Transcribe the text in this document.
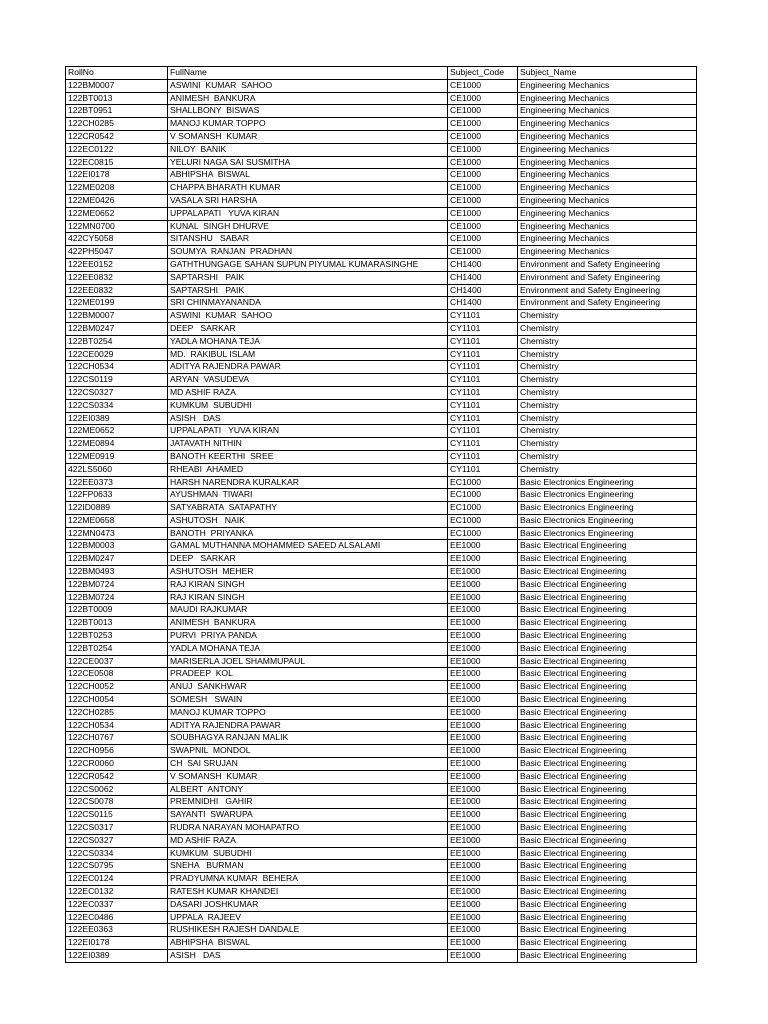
RollNo	FullName	Subject_Code	Subject_Name
122BM0007	ASWINI  KUMAR  SAHOO	CE1000	Engineering Mechanics
122BT0013	ANIMESH  BANKURA	CE1000	Engineering Mechanics
122BT0951	SHALLBONY  BISWAS	CE1000	Engineering Mechanics
122CH0285	MANOJ KUMAR TOPPO	CE1000	Engineering Mechanics
122CR0542	V SOMANSH  KUMAR	CE1000	Engineering Mechanics
122EC0122	NILOY  BANIK	CE1000	Engineering Mechanics
122EC0815	YELURI NAGA SAI SUSMITHA	CE1000	Engineering Mechanics
122EI0178	ABHIPSHA  BISWAL	CE1000	Engineering Mechanics
122ME0208	CHAPPA BHARATH KUMAR	CE1000	Engineering Mechanics
122ME0426	VASALA SRI HARSHA	CE1000	Engineering Mechanics
122ME0652	UPPALAPATI   YUVA KIRAN	CE1000	Engineering Mechanics
122MN0700	KUNAL  SINGH DHURVE	CE1000	Engineering Mechanics
422CY5058	SITANSHU   SABAR	CE1000	Engineering Mechanics
422PH5047	SOUMYA  RANJAN  PRADHAN	CE1000	Engineering Mechanics
122EE0152	GATHTHUNGAGE SAHAN SUPUN PIYUMAL KUMARASINGHE	CH1400	Environment and Safety Engineering
122EE0832	SAPTARSHI   PAIK	CH1400	Environment and Safety Engineering
122EE0832	SAPTARSHI   PAIK	CH1400	Environment and Safety Engineering
122ME0199	SRI CHINMAYANANDA	CH1400	Environment and Safety Engineering
122BM0007	ASWINI  KUMAR  SAHOO	CY1101	Chemistry
122BM0247	DEEP   SARKAR	CY1101	Chemistry
122BT0254	YADLA MOHANA TEJA	CY1101	Chemistry
122CE0029	MD.  RAKIBUL ISLAM	CY1101	Chemistry
122CH0534	ADITYA RAJENDRA PAWAR	CY1101	Chemistry
122CS0119	ARYAN  VASUDEVA	CY1101	Chemistry
122CS0327	MD ASHIF RAZA	CY1101	Chemistry
122CS0334	KUMKUM  SUBUDHI	CY1101	Chemistry
122EI0389	ASISH   DAS	CY1101	Chemistry
122ME0652	UPPALAPATI   YUVA KIRAN	CY1101	Chemistry
122ME0894	JATAVATH NITHIN	CY1101	Chemistry
122ME0919	BANOTH KEERTHI  SREE	CY1101	Chemistry
422LS5060	RHEABI  AHAMED	CY1101	Chemistry
122EE0373	HARSH NARENDRA KURALKAR	EC1000	Basic Electronics Engineering
122FP0633	AYUSHMAN  TIWARI	EC1000	Basic Electronics Engineering
122ID0889	SATYABRATA  SATAPATHY	EC1000	Basic Electronics Engineering
122ME0658	ASHUTOSH   NAIK	EC1000	Basic Electronics Engineering
122MN0473	BANOTH  PRIYANKA	EC1000	Basic Electronics Engineering
122BM0003	GAMAL MUTHANNA MOHAMMED SAEED ALSALAMI	EE1000	Basic Electrical Engineering
122BM0247	DEEP   SARKAR	EE1000	Basic Electrical Engineering
122BM0493	ASHUTOSH  MEHER	EE1000	Basic Electrical Engineering
122BM0724	RAJ KIRAN SINGH	EE1000	Basic Electrical Engineering
122BM0724	RAJ KIRAN SINGH	EE1000	Basic Electrical Engineering
122BT0009	MAUDI RAJKUMAR	EE1000	Basic Electrical Engineering
122BT0013	ANIMESH  BANKURA	EE1000	Basic Electrical Engineering
122BT0253	PURVI  PRIYA PANDA	EE1000	Basic Electrical Engineering
122BT0254	YADLA MOHANA TEJA	EE1000	Basic Electrical Engineering
122CE0037	MARISERLA JOEL SHAMMUPAUL	EE1000	Basic Electrical Engineering
122CE0508	PRADEEP  KOL	EE1000	Basic Electrical Engineering
122CH0052	ANUJ  SANKHWAR	EE1000	Basic Electrical Engineering
122CH0054	SOMESH   SWAIN	EE1000	Basic Electrical Engineering
122CH0285	MANOJ KUMAR TOPPO	EE1000	Basic Electrical Engineering
122CH0534	ADITYA RAJENDRA PAWAR	EE1000	Basic Electrical Engineering
122CH0767	SOUBHAGYA RANJAN MALIK	EE1000	Basic Electrical Engineering
122CH0956	SWAPNIL  MONDOL	EE1000	Basic Electrical Engineering
122CR0060	CH  SAI SRUJAN	EE1000	Basic Electrical Engineering
122CR0542	V SOMANSH  KUMAR	EE1000	Basic Electrical Engineering
122CS0062	ALBERT  ANTONY	EE1000	Basic Electrical Engineering
122CS0078	PREMNIDHI   GAHIR	EE1000	Basic Electrical Engineering
122CS0115	SAYANTI  SWARUPA	EE1000	Basic Electrical Engineering
122CS0317	RUDRA NARAYAN MOHAPATRO	EE1000	Basic Electrical Engineering
122CS0327	MD ASHIF RAZA	EE1000	Basic Electrical Engineering
122CS0334	KUMKUM  SUBUDHI	EE1000	Basic Electrical Engineering
122CS0795	SNEHA   BURMAN	EE1000	Basic Electrical Engineering
122EC0124	PRADYUMNA KUMAR  BEHERA	EE1000	Basic Electrical Engineering
122EC0132	RATESH KUMAR KHANDEI	EE1000	Basic Electrical Engineering
122EC0337	DASARI JOSHKUMAR	EE1000	Basic Electrical Engineering
122EC0486	UPPALA  RAJEEV	EE1000	Basic Electrical Engineering
122EE0363	RUSHIKESH RAJESH DANDALE	EE1000	Basic Electrical Engineering
122EI0178	ABHIPSHA  BISWAL	EE1000	Basic Electrical Engineering
122EI0389	ASISH   DAS	EE1000	Basic Electrical Engineering
